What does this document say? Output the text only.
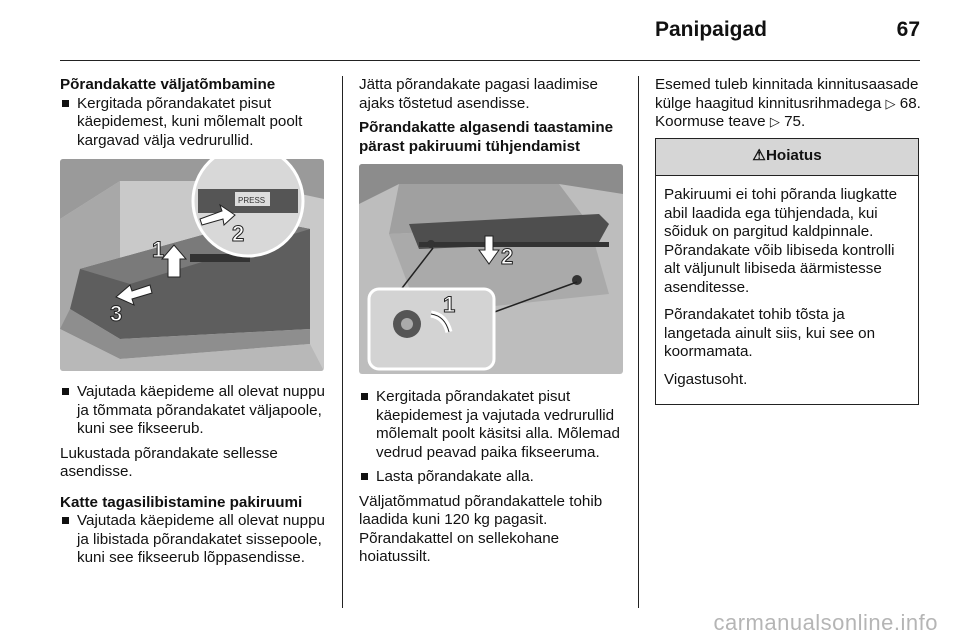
Panipaigad	67
Põrandakatte väljatõmbamine
Kergitada põrandakatet pisut käepidemest, kuni mõlemalt poolt kargavad välja vedrurullid.
PRESS
2
1
3
Vajutada käepideme all olevat nuppu ja tõmmata põrandakatet väljapoole, kuni see fikseerub.

Lukustada põrandakate sellesse asendisse.

Katte tagasilibistamine pakiruumi
Vajutada käepideme all olevat nuppu ja libistada põrandakatet sissepoole, kuni see fikseerub lõppasendisse.

Jätta põrandakate pagasi laadimise ajaks tõstetud asendisse.

Põrandakatte algasendi taastamine pärast pakiruumi tühjendamist
2
1
Kergitada põrandakatet pisut käepidemest ja vajutada vedrurullid mõlemalt poolt käsitsi alla. Mõlemad vedrud peavad paika fikseeruma.
Lasta põrandakate alla.

Väljatõmmatud põrandakattele tohib laadida kuni 120 kg pagasit. Põrandakattel on sellekohane hoiatussilt.

Esemed tuleb kinnitada kinnitusaasade külge haagitud kinnitusrihmadega ▷ 68. Koormuse teave ▷ 75.

⚠Hoiatus

Pakiruumi ei tohi põranda liugkatte abil laadida ega tühjendada, kui sõiduk on pargitud kaldpinnale. Põrandakate võib libiseda kontrolli alt väljunult libiseda äärmistesse asenditesse.

Põrandakatet tohib tõsta ja langetada ainult siis, kui see on koormamata.

Vigastusoht.

carmanualsonline.info
